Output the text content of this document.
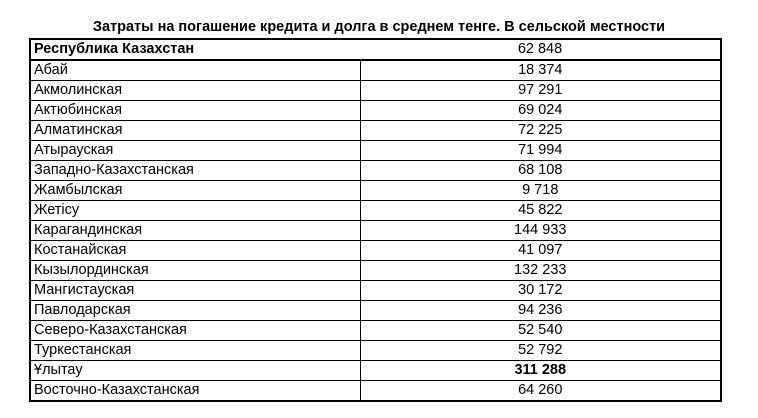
Затраты на погашение кредита и долга в среднем тенге. В сельской местности
Республика Казахстан	62 848
Абай	18 374
Акмолинская	97 291
Актюбинская	69 024
Алматинская	72 225
Атырауская	71 994
Западно-Казахстанская	68 108
Жамбылская	9 718
Жетісу	45 822
Карагандинская	144 933
Костанайская	41 097
Кызылординская	132 233
Мангистауская	30 172
Павлодарская	94 236
Северо-Казахстанская	52 540
Туркестанская	52 792
Ұлытау	311 288
Восточно-Казахстанская	64 260
